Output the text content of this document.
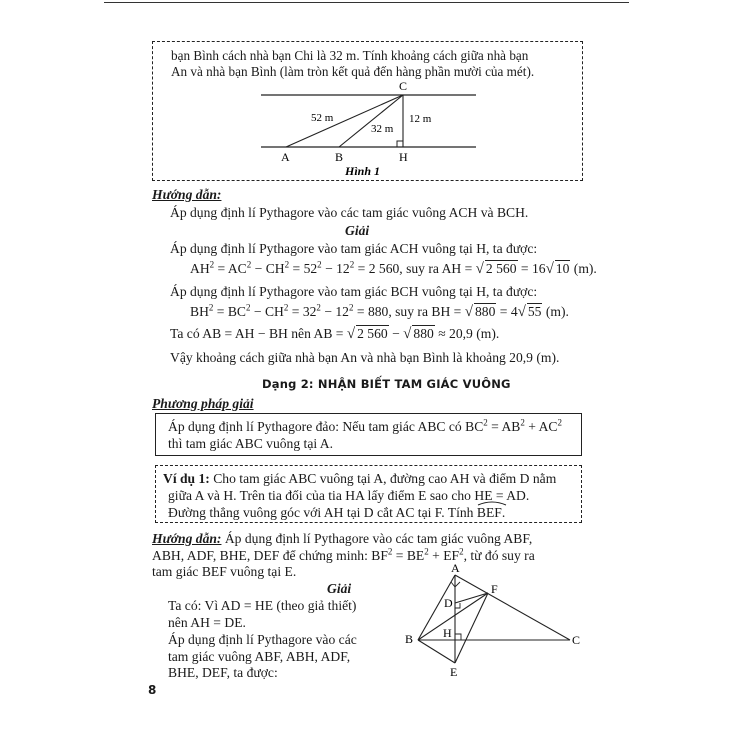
bạn Bình cách nhà bạn Chi là 32 m. Tính khoảng cách giữa nhà bạn
An và nhà bạn Bình (làm tròn kết quả đến hàng phần mười của mét).
C
A	B	H
52 m
32 m
12 m
Hình 1
Hướng dẫn:
Áp dụng định lí Pythagore vào các tam giác vuông ACH và BCH.
Giải
Áp dụng định lí Pythagore vào tam giác ACH vuông tại H, ta được:
$AH^2 = AC^2 - CH^2 = 52^2 - 12^2 = 2$ 560, suy ra AH = √ 2 560 = 16√ 10 (m).
Áp dụng định lí Pythagore vào tam giác BCH vuông tại H, ta được:
$BH^2 = BC^2 - CH^2 = 32^2 - 12^2 = 880$, suy ra BH = √ 880 = 4√ 55 (m).
Ta có AB = AH − BH nên AB = √ 2 560 − √ 880 ≈ 20,9 (m).
Vậy khoảng cách giữa nhà bạn An và nhà bạn Bình là khoảng 20,9 (m).
Dạng 2: NHẬN BIẾT TAM GIÁC VUÔNG
Phương pháp giải
Áp dụng định lí Pythagore đảo: Nếu tam giác ABC có $BC^2 = AB^2 + AC^2$
thì tam giác ABC vuông tại A.
Ví dụ 1: Cho tam giác ABC vuông tại A, đường cao AH và điểm D nằm
giữa A và H. Trên tia đối của tia HA lấy điểm E sao cho HE = AD.
Đường thẳng vuông góc với AH tại D cắt AC tại F. Tính BEF
.
Hướng dẫn: Áp dụng định lí Pythagore vào các tam giác vuông ABF,
ABH, ADF, BHE, DEF để chứng minh: $BF^2 = BE^2 + EF^2$, từ đó suy ra
tam giác BEF vuông tại E.
Giải
Ta có: Vì AD = HE (theo giả thiết)
nên AH = DE.
Áp dụng định lí Pythagore vào các
tam giác vuông ABF, ABH, ADF,
BHE, DEF, ta được:
A
B	C
D
E
F
H
8
